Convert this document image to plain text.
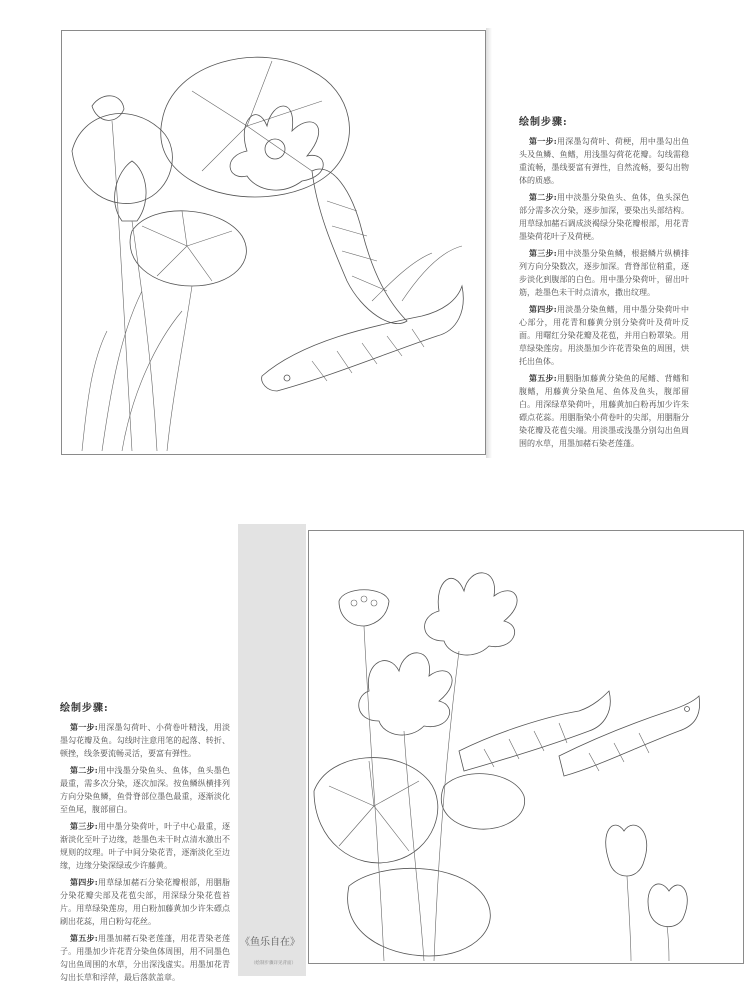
绘制步骤:

第一步:用深墨勾荷叶、荷梗，用中墨勾出鱼头及鱼鳞、鱼鳍，用浅墨勾荷花花瓣。勾线需稳重流畅，墨线要富有弹性，自然流畅，要勾出物体的质感。

第二步:用中淡墨分染鱼头、鱼体，鱼头深色部分需多次分染，逐步加深，要染出头部结构。用草绿加赭石调成淡褐绿分染花瓣根部，用花青墨染荷花叶子及荷梗。

第三步:用中淡墨分染鱼鳞，根据鳞片纵横排列方向分染数次，逐步加深。背脊部位稍重，逐步淡化到腹部的白色。用中墨分染荷叶，留出叶筋，趁墨色未干时点清水，撒出纹理。

第四步:用淡墨分染鱼鳍，用中墨分染荷叶中心部分，用花青和藤黄分别分染荷叶及荷叶反面。用曙红分染花瓣及花苞，并用白粉罩染。用草绿染莲房。用淡墨加少许花青染鱼的周围，烘托出鱼体。

第五步:用胭脂加藤黄分染鱼的尾鳍、背鳍和腹鳍，用藤黄分染鱼尾、鱼体及鱼头，腹部留白。用深绿草染荷叶，用藤黄加白粉再加少许朱磦点花蕊。用胭脂染小荷卷叶的尖部，用胭脂分染花瓣及花苞尖端。用淡墨或浅墨分别勾出鱼周围的水草，用墨加赭石染老莲蓬。

绘制步骤:

第一步:用深墨勾荷叶、小荷卷叶精浅，用淡墨勾花瓣及鱼。勾线时注意用笔的起落、转折、顿挫，线条要流畅灵活，要富有弹性。

第二步:用中浅墨分染鱼头、鱼体，鱼头墨色最重，需多次分染，逐次加深。按鱼鳞纵横排列方向分染鱼鳞，鱼骨脊部位墨色最重，逐渐淡化至鱼尾，腹部留白。

第三步:用中墨分染荷叶，叶子中心最重，逐渐淡化至叶子边缘，趁墨色未干时点清水激出不规则的纹理。叶子中间分染花青，逐渐淡化至边缘，边缘分染深绿或少许藤黄。

第四步:用草绿加赭石分染花瓣根部，用胭脂分染花瓣尖部及花苞尖部，用深绿分染花苞苔片。用草绿染莲房，用白粉加藤黄加少许朱磦点刷出花蕊，用白粉勾花丝。

第五步:用墨加赭石染老莲蓬，用花青染老莲子。用墨加少许花青分染鱼体周围，用不同墨色勾出鱼周围的水草，分出深浅虚实。用墨加花青勾出长草和浮萍，最后落款盖章。

《鱼乐自在》
（绘制步骤详见背面）
